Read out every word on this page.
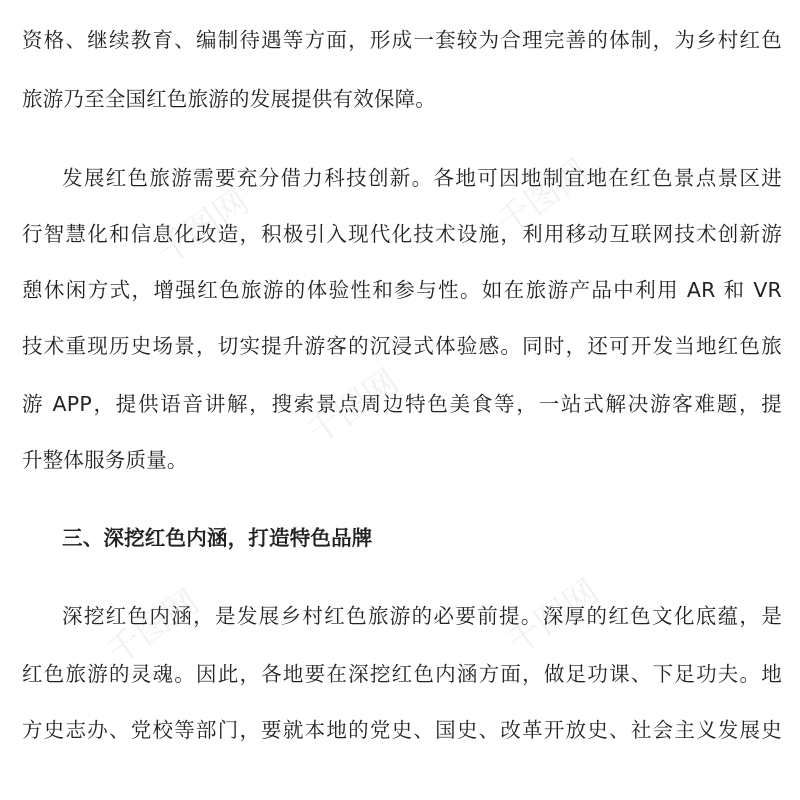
千图网	千图网
千图网
千图网	千图网
资格、继续教育、编制待遇等方面，形成一套较为合理完善的体制，为乡村红色
旅游乃至全国红色旅游的发展提供有效保障。
发展红色旅游需要充分借力科技创新。各地可因地制宜地在红色景点景区进
行智慧化和信息化改造，积极引入现代化技术设施，利用移动互联网技术创新游
憩休闲方式，增强红色旅游的体验性和参与性。如在旅游产品中利用 AR 和 VR
技术重现历史场景，切实提升游客的沉浸式体验感。同时，还可开发当地红色旅
游 APP，提供语音讲解，搜索景点周边特色美食等，一站式解决游客难题，提
升整体服务质量。
三、深挖红色内涵，打造特色品牌
深挖红色内涵，是发展乡村红色旅游的必要前提。深厚的红色文化底蕴，是
红色旅游的灵魂。因此，各地要在深挖红色内涵方面，做足功课、下足功夫。地
方史志办、党校等部门，要就本地的党史、国史、改革开放史、社会主义发展史
